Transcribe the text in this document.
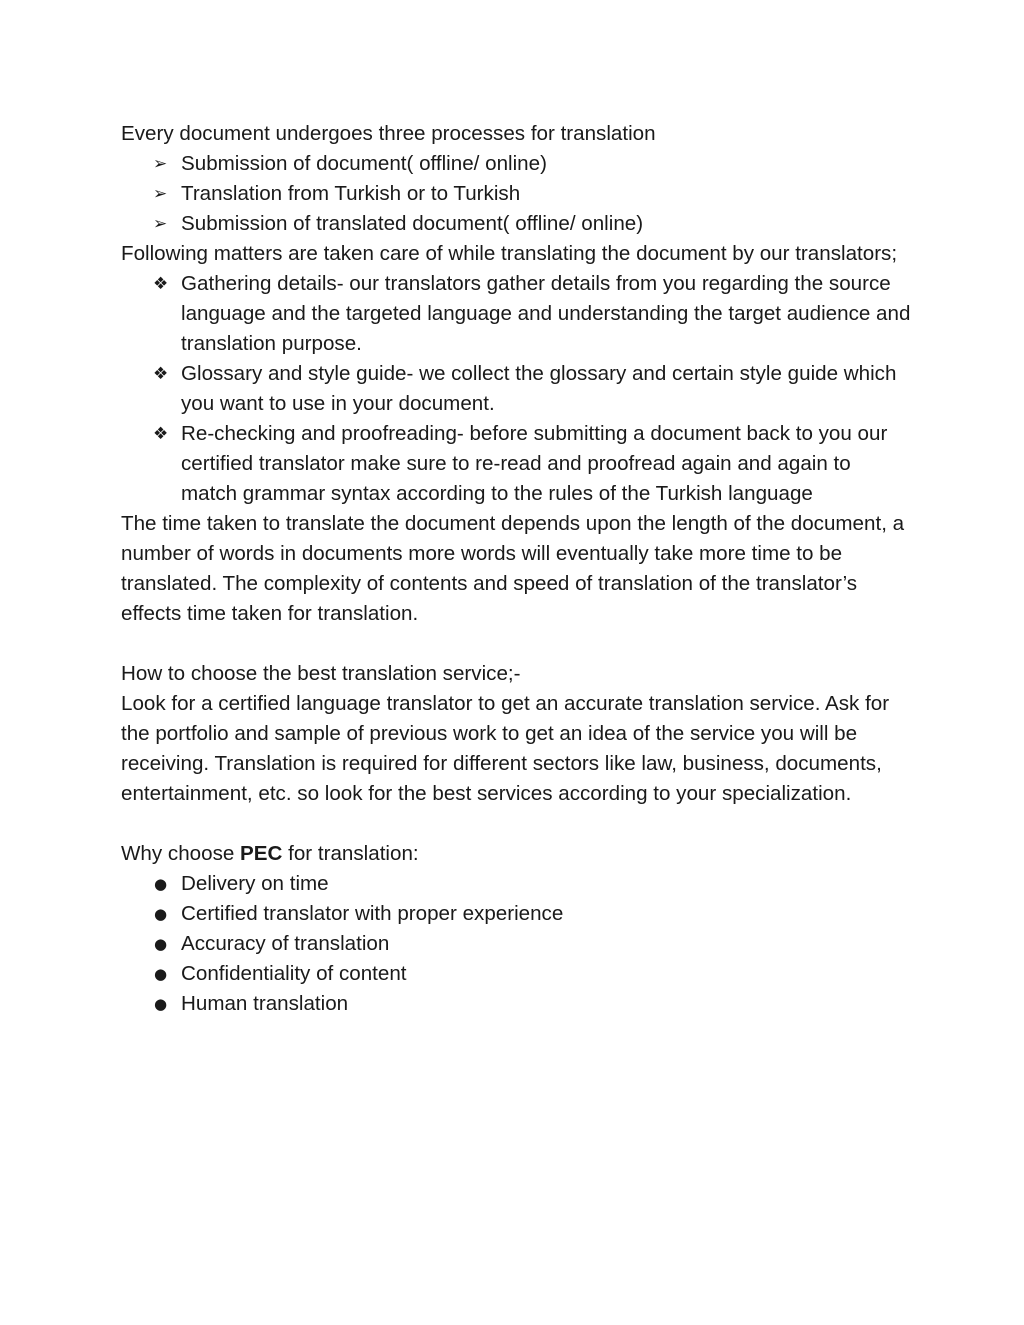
Every document undergoes three processes for translation

➢ Submission of document( offline/ online)
➢ Translation from Turkish or to Turkish
➢ Submission of translated document( offline/ online)

Following matters are taken care of while translating the document by our translators;

❖ Gathering details- our translators gather details from you regarding the source language and the targeted language and understanding the target audience and translation purpose.
❖ Glossary and style guide- we collect the glossary and certain style guide which you want to use in your document.
❖ Re-checking and proofreading- before submitting a document back to you our certified translator make sure to re-read and proofread again and again to match grammar syntax according to the rules of the Turkish language

The time taken to translate the document depends upon the length of the document, a number of words in documents more words will eventually take more time to be translated. The complexity of contents and speed of translation of the translator’s effects time taken for translation.

How to choose the best translation service;-

Look for a certified language translator to get an accurate translation service. Ask for the portfolio and sample of previous work to get an idea of the service you will be receiving. Translation is required for different sectors like law, business, documents, entertainment, etc. so look for the best services according to your specialization.

Why choose PEC for translation:

● Delivery on time
● Certified translator with proper experience
● Accuracy of translation
● Confidentiality of content
● Human translation
